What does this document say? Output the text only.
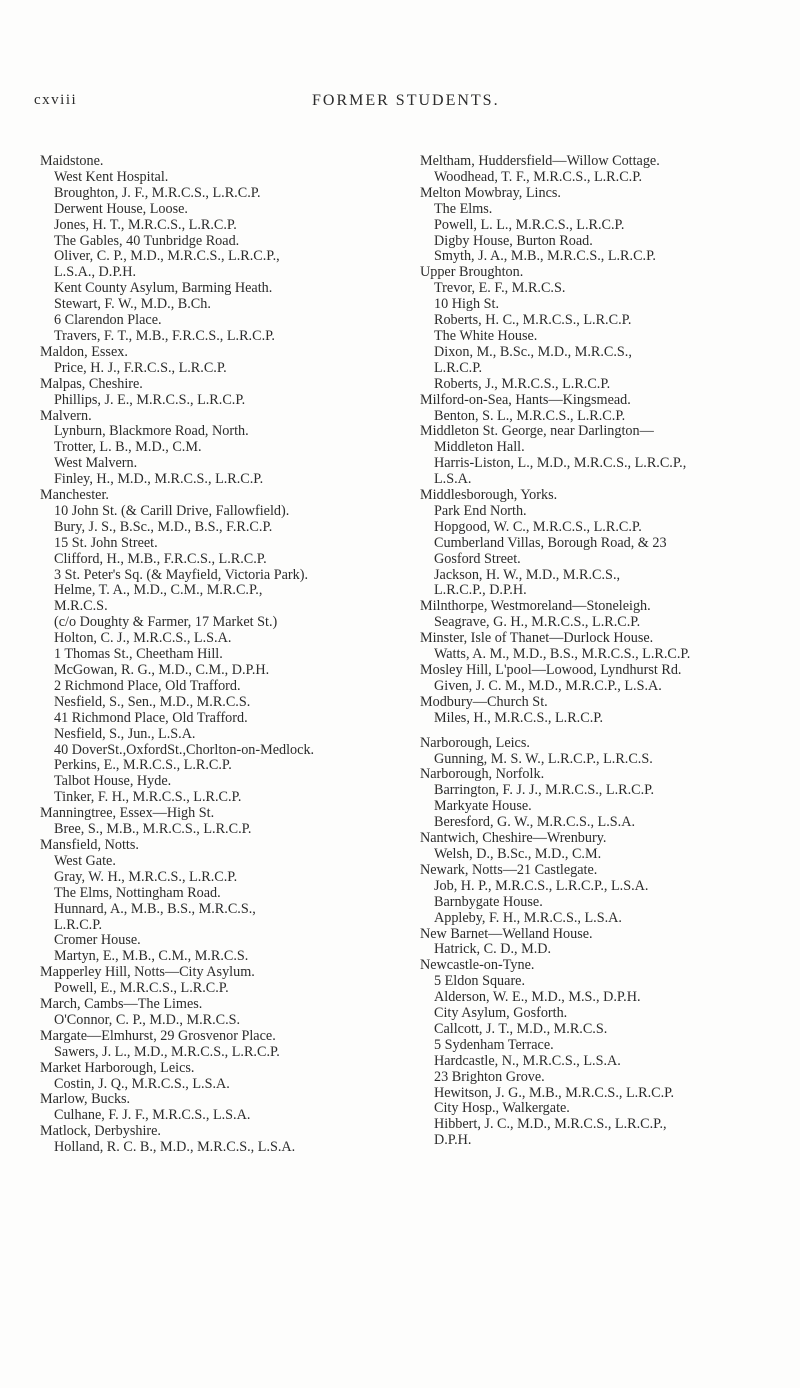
cxviii	FORMER STUDENTS.
Maidstone.
West Kent Hospital.
Broughton, J. F., M.R.C.S., L.R.C.P.
Derwent House, Loose.
Jones, H. T., M.R.C.S., L.R.C.P.
The Gables, 40 Tunbridge Road.
Oliver, C. P., M.D., M.R.C.S., L.R.C.P.,
L.S.A., D.P.H.
Kent County Asylum, Barming Heath.
Stewart, F. W., M.D., B.Ch.
6 Clarendon Place.
Travers, F. T., M.B., F.R.C.S., L.R.C.P.
Maldon, Essex.
Price, H. J., F.R.C.S., L.R.C.P.
Malpas, Cheshire.
Phillips, J. E., M.R.C.S., L.R.C.P.
Malvern.
Lynburn, Blackmore Road, North.
Trotter, L. B., M.D., C.M.
West Malvern.
Finley, H., M.D., M.R.C.S., L.R.C.P.
Manchester.
10 John St. (& Carill Drive, Fallowfield).
Bury, J. S., B.Sc., M.D., B.S., F.R.C.P.
15 St. John Street.
Clifford, H., M.B., F.R.C.S., L.R.C.P.
3 St. Peter's Sq. (& Mayfield, Victoria Park).
Helme, T. A., M.D., C.M., M.R.C.P.,
M.R.C.S.
(c/o Doughty & Farmer, 17 Market St.)
Holton, C. J., M.R.C.S., L.S.A.
1 Thomas St., Cheetham Hill.
McGowan, R. G., M.D., C.M., D.P.H.
2 Richmond Place, Old Trafford.
Nesfield, S., Sen., M.D., M.R.C.S.
41 Richmond Place, Old Trafford.
Nesfield, S., Jun., L.S.A.
40 DoverSt.,OxfordSt.,Chorlton-on-Medlock.
Perkins, E., M.R.C.S., L.R.C.P.
Talbot House, Hyde.
Tinker, F. H., M.R.C.S., L.R.C.P.
Manningtree, Essex—High St.
Bree, S., M.B., M.R.C.S., L.R.C.P.
Mansfield, Notts.
West Gate.
Gray, W. H., M.R.C.S., L.R.C.P.
The Elms, Nottingham Road.
Hunnard, A., M.B., B.S., M.R.C.S.,
L.R.C.P.
Cromer House.
Martyn, E., M.B., C.M., M.R.C.S.
Mapperley Hill, Notts—City Asylum.
Powell, E., M.R.C.S., L.R.C.P.
March, Cambs—The Limes.
O'Connor, C. P., M.D., M.R.C.S.
Margate—Elmhurst, 29 Grosvenor Place.
Sawers, J. L., M.D., M.R.C.S., L.R.C.P.
Market Harborough, Leics.
Costin, J. Q., M.R.C.S., L.S.A.
Marlow, Bucks.
Culhane, F. J. F., M.R.C.S., L.S.A.
Matlock, Derbyshire.
Holland, R. C. B., M.D., M.R.C.S., L.S.A.
Meltham, Huddersfield—Willow Cottage.
Woodhead, T. F., M.R.C.S., L.R.C.P.
Melton Mowbray, Lincs.
The Elms.
Powell, L. L., M.R.C.S., L.R.C.P.
Digby House, Burton Road.
Smyth, J. A., M.B., M.R.C.S., L.R.C.P.
Upper Broughton.
Trevor, E. F., M.R.C.S.
10 High St.
Roberts, H. C., M.R.C.S., L.R.C.P.
The White House.
Dixon, M., B.Sc., M.D., M.R.C.S.,
L.R.C.P.
Roberts, J., M.R.C.S., L.R.C.P.
Milford-on-Sea, Hants—Kingsmead.
Benton, S. L., M.R.C.S., L.R.C.P.
Middleton St. George, near Darlington—
Middleton Hall.
Harris-Liston, L., M.D., M.R.C.S., L.R.C.P.,
L.S.A.
Middlesborough, Yorks.
Park End North.
Hopgood, W. C., M.R.C.S., L.R.C.P.
Cumberland Villas, Borough Road, & 23
Gosford Street.
Jackson, H. W., M.D., M.R.C.S.,
L.R.C.P., D.P.H.
Milnthorpe, Westmoreland—Stoneleigh.
Seagrave, G. H., M.R.C.S., L.R.C.P.
Minster, Isle of Thanet—Durlock House.
Watts, A. M., M.D., B.S., M.R.C.S., L.R.C.P.
Mosley Hill, L'pool—Lowood, Lyndhurst Rd.
Given, J. C. M., M.D., M.R.C.P., L.S.A.
Modbury—Church St.
Miles, H., M.R.C.S., L.R.C.P.
Narborough, Leics.
Gunning, M. S. W., L.R.C.P., L.R.C.S.
Narborough, Norfolk.
Barrington, F. J. J., M.R.C.S., L.R.C.P.
Markyate House.
Beresford, G. W., M.R.C.S., L.S.A.
Nantwich, Cheshire—Wrenbury.
Welsh, D., B.Sc., M.D., C.M.
Newark, Notts—21 Castlegate.
Job, H. P., M.R.C.S., L.R.C.P., L.S.A.
Barnbygate House.
Appleby, F. H., M.R.C.S., L.S.A.
New Barnet—Welland House.
Hatrick, C. D., M.D.
Newcastle-on-Tyne.
5 Eldon Square.
Alderson, W. E., M.D., M.S., D.P.H.
City Asylum, Gosforth.
Callcott, J. T., M.D., M.R.C.S.
5 Sydenham Terrace.
Hardcastle, N., M.R.C.S., L.S.A.
23 Brighton Grove.
Hewitson, J. G., M.B., M.R.C.S., L.R.C.P.
City Hosp., Walkergate.
Hibbert, J. C., M.D., M.R.C.S., L.R.C.P.,
D.P.H.
